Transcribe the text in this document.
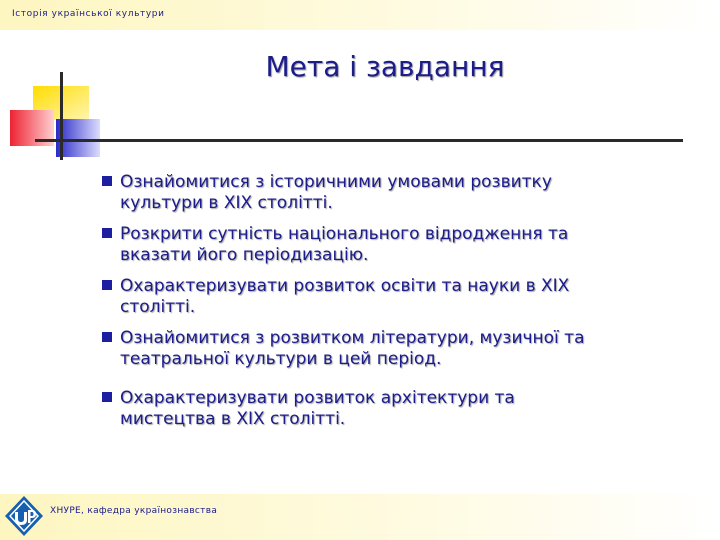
Історія української культури
Мета і завдання
Ознайомитися з історичними умовами розвитку
культури в ХІХ столітті.
Розкрити сутність національного відродження та
вказати його періодизацію.
Охарактеризувати розвиток освіти та науки в ХІХ
столітті.
Ознайомитися з розвитком літератури, музичної та
театральної культури в цей період.
Охарактеризувати розвиток архітектури та
мистецтва в ХІХ столітті.
ХНУРЕ, кафедра українознавства
